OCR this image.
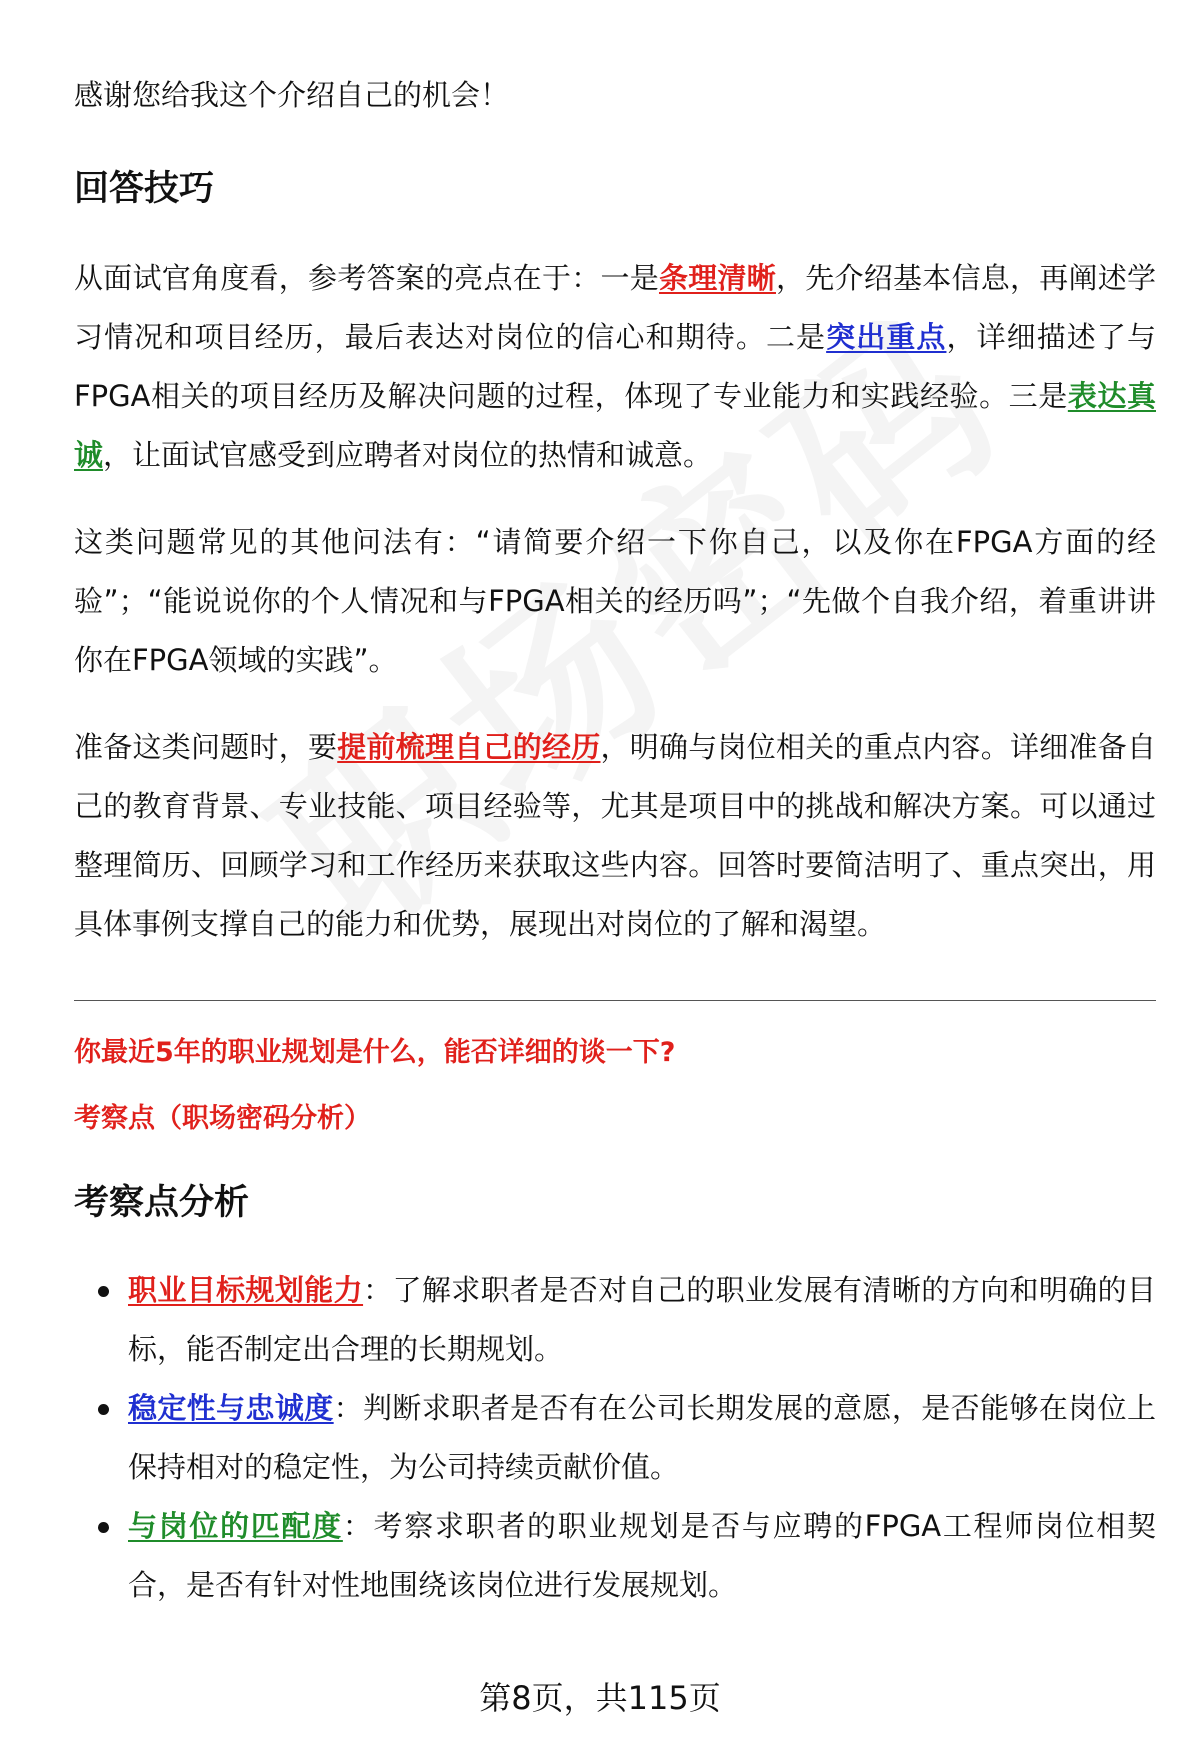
感谢您给我这个介绍自己的机会！

回答技巧

从面试官角度看，参考答案的亮点在于：一是条理清晰，先介绍基本信息，再阐述学习情况和项目经历，最后表达对岗位的信心和期待。二是突出重点，详细描述了与FPGA相关的项目经历及解决问题的过程，体现了专业能力和实践经验。三是表达真诚，让面试官感受到应聘者对岗位的热情和诚意。

这类问题常见的其他问法有：“请简要介绍一下你自己，以及你在FPGA方面的经验”；“能说说你的个人情况和与FPGA相关的经历吗”；“先做个自我介绍，着重讲讲你在FPGA领域的实践”。

准备这类问题时，要提前梳理自己的经历，明确与岗位相关的重点内容。详细准备自己的教育背景、专业技能、项目经验等，尤其是项目中的挑战和解决方案。可以通过整理简历、回顾学习和工作经历来获取这些内容。回答时要简洁明了、重点突出，用具体事例支撑自己的能力和优势，展现出对岗位的了解和渴望。

你最近5年的职业规划是什么，能否详细的谈一下?

考察点（职场密码分析）

考察点分析
职业目标规划能力：了解求职者是否对自己的职业发展有清晰的方向和明确的目标，能否制定出合理的长期规划。
稳定性与忠诚度：判断求职者是否有在公司长期发展的意愿，是否能够在岗位上保持相对的稳定性，为公司持续贡献价值。
与岗位的匹配度：考察求职者的职业规划是否与应聘的FPGA工程师岗位相契合，是否有针对性地围绕该岗位进行发展规划。
第8页，共115页
